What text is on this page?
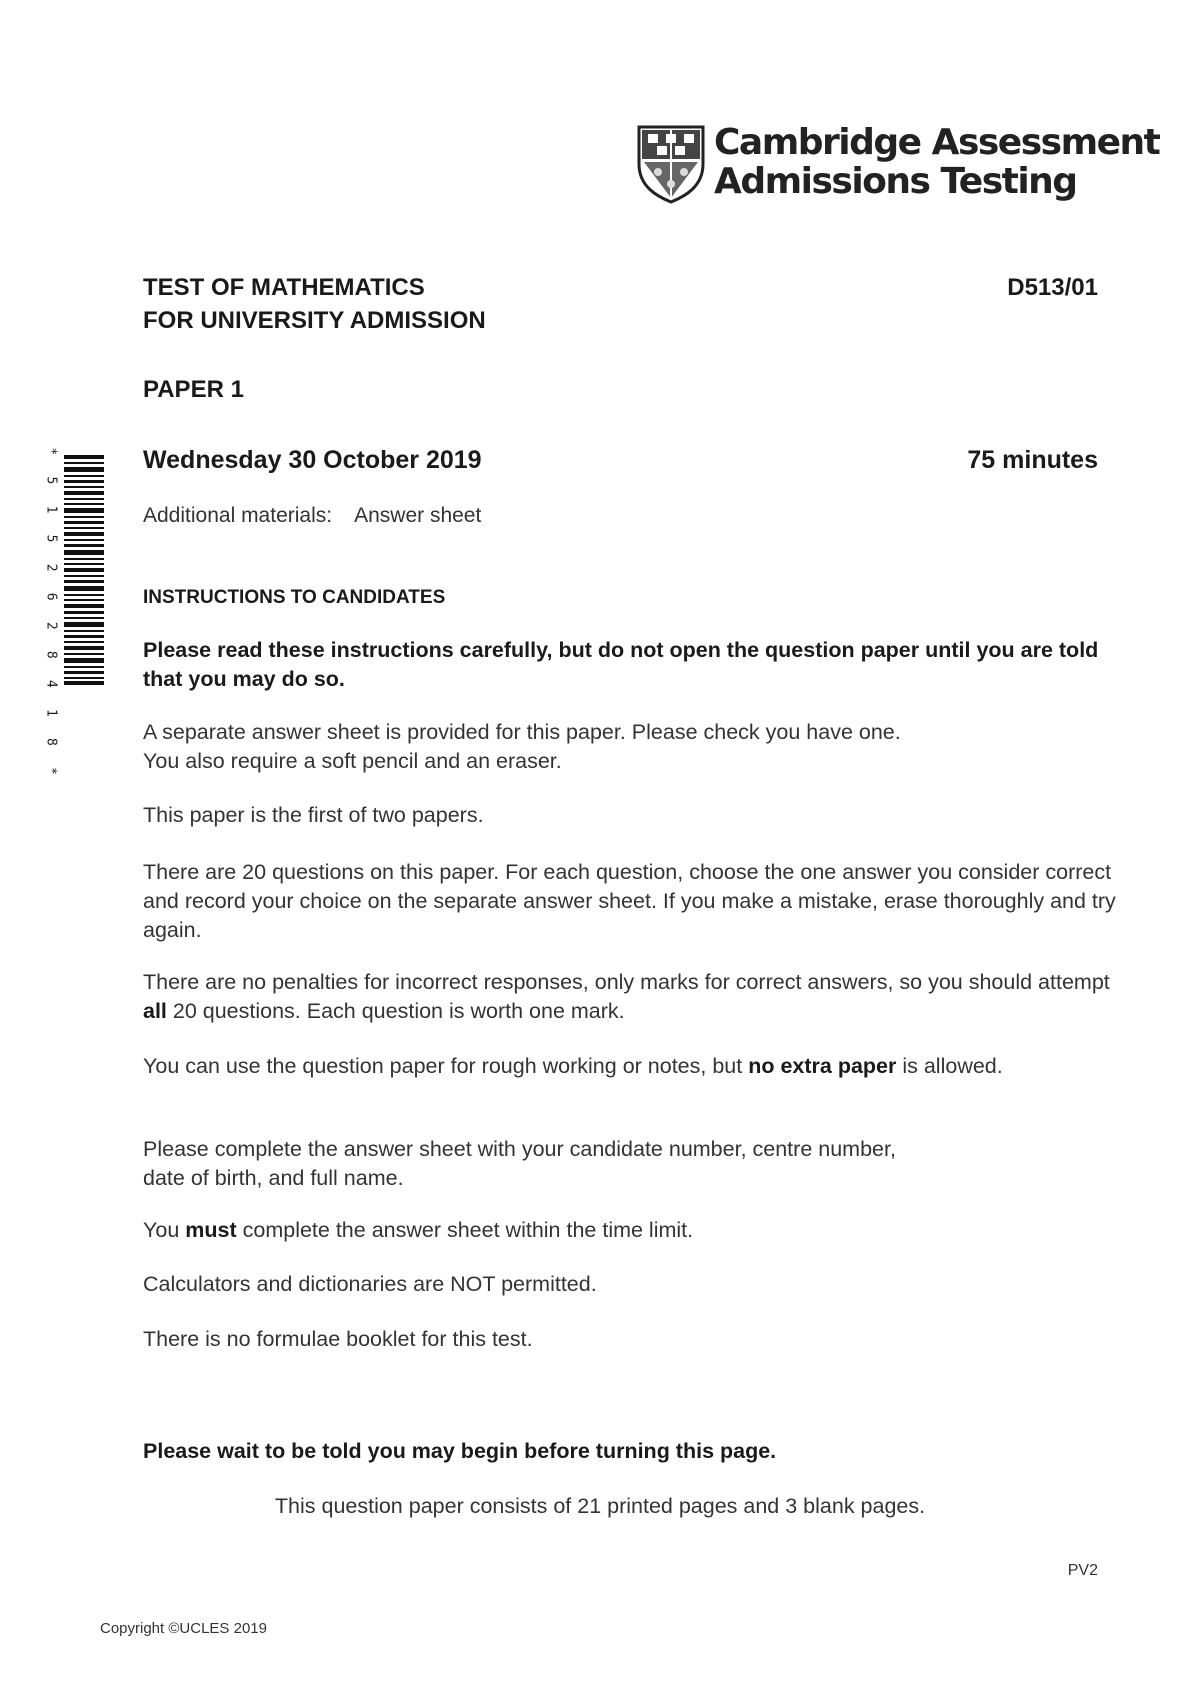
Cambridge Assessment
Admissions Testing
* 5 1 5 2 6 2 8 4 1 8 *
TEST OF MATHEMATICS
FOR UNIVERSITY ADMISSION
D513/01
PAPER 1
Wednesday 30 October 2019	75 minutes
Additional materials: Answer sheet
INSTRUCTIONS TO CANDIDATES
Please read these instructions carefully, but do not open the question paper until you are told that you may do so.
A separate answer sheet is provided for this paper. Please check you have one.
You also require a soft pencil and an eraser.
This paper is the first of two papers.
There are 20 questions on this paper. For each question, choose the one answer you consider correct and record your choice on the separate answer sheet. If you make a mistake, erase thoroughly and try again.
There are no penalties for incorrect responses, only marks for correct answers, so you should attempt all 20 questions. Each question is worth one mark.
You can use the question paper for rough working or notes, but no extra paper is allowed.
Please complete the answer sheet with your candidate number, centre number,
date of birth, and full name.
You must complete the answer sheet within the time limit.
Calculators and dictionaries are NOT permitted.
There is no formulae booklet for this test.
Please wait to be told you may begin before turning this page.
This question paper consists of 21 printed pages and 3 blank pages.
PV2
Copyright ©UCLES 2019
